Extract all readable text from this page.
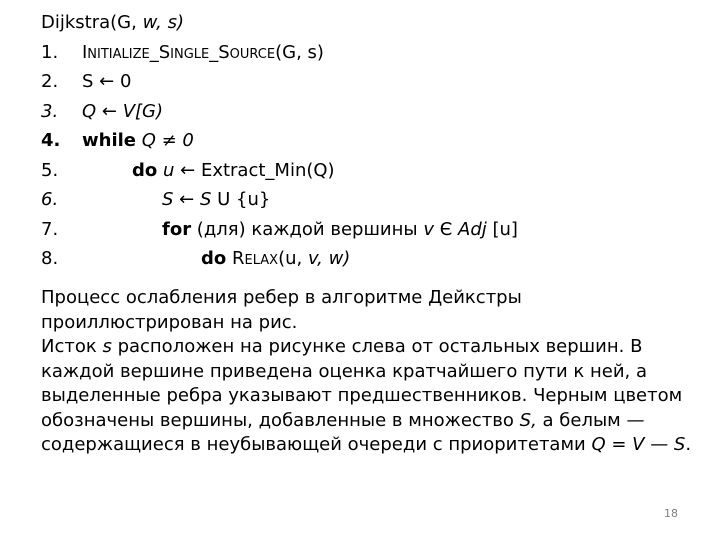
Dijkstra(G, w, s)
1. Initialize_Single_Source(G, s)
2. S ← 0
3. Q ← V[G)
4. while Q ≠ 0
5.	do u ← Extract_Min(Q)
6.	S ← S U {u}
7.	for (для) каждой вершины v Є Adj [u]
8.	do Relax(u, v, w)

Процесс ослабления ребер в алгоритме Дейкстры проиллюстрирован на рис.

Исток s расположен на рисунке слева от остальных вершин. В каждой вершине приведена оценка кратчайшего пути к ней, а выделенные ребра указывают предшественников. Черным цветом обозначены вершины, добавленные в множество S, а белым — содержащиеся в неубывающей очереди с приоритетами Q = V — S.

18
